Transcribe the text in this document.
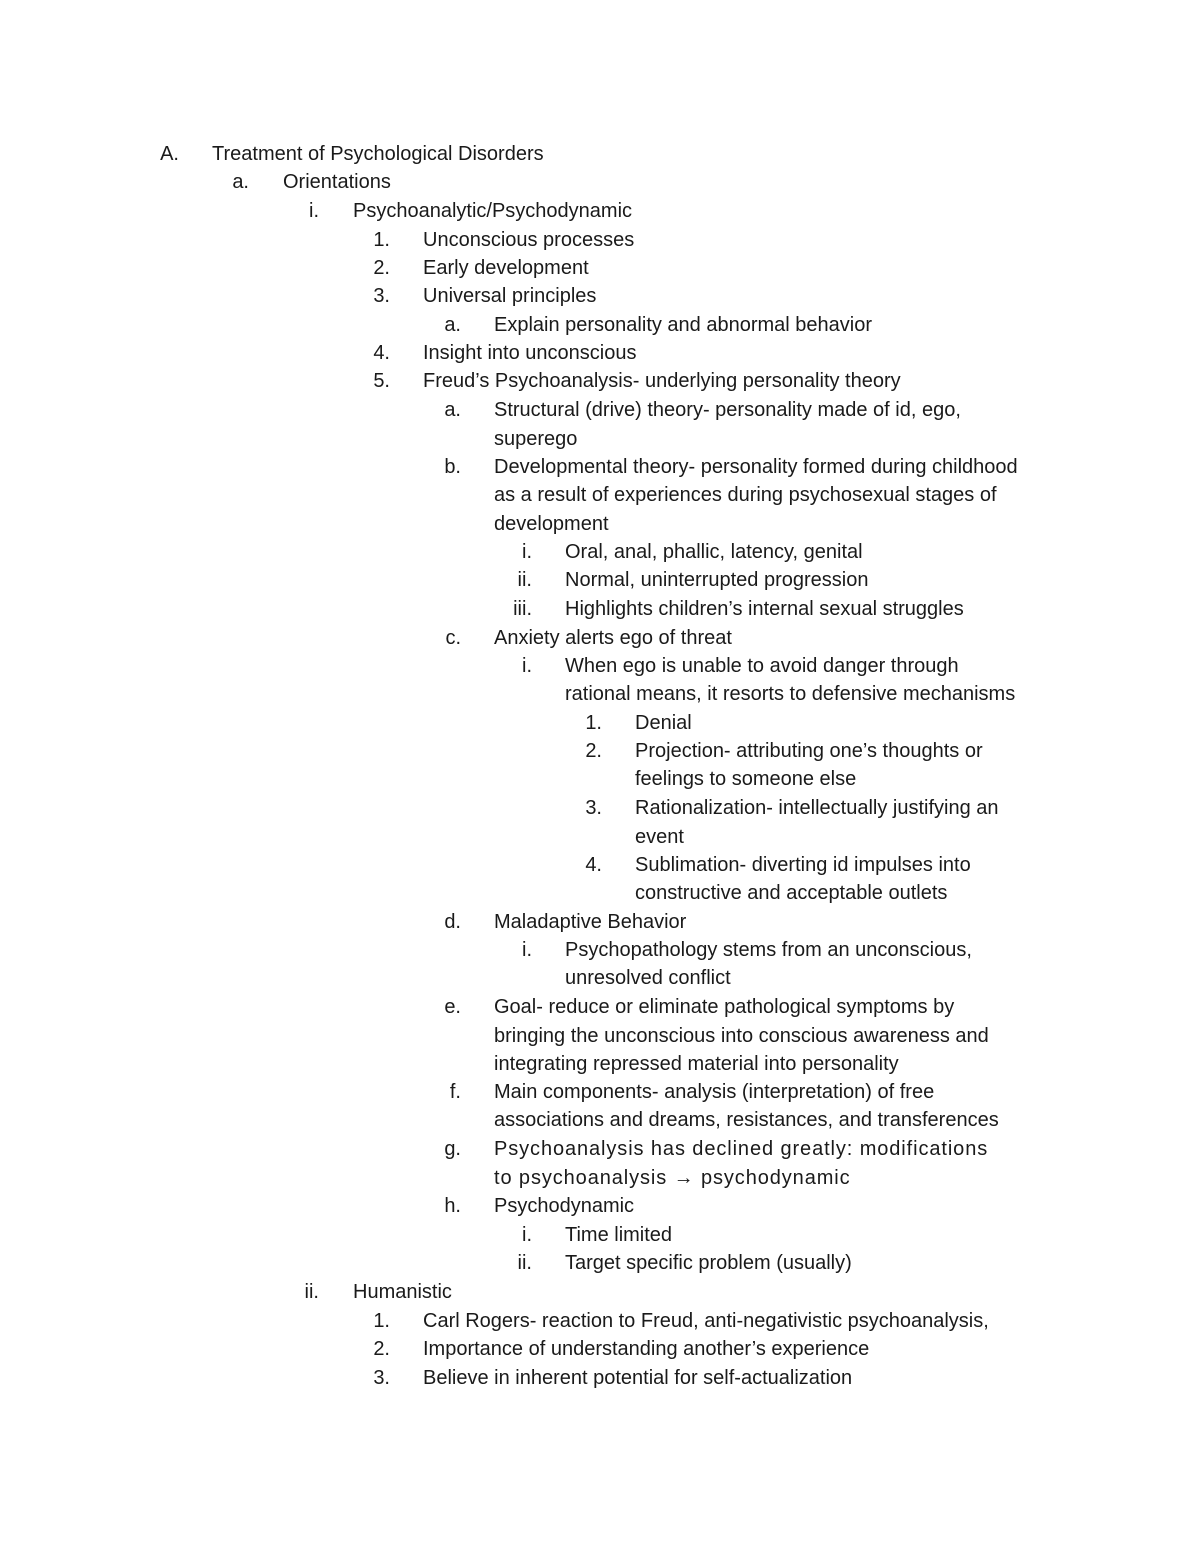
A. Treatment of Psychological Disorders
a. Orientations
i. Psychoanalytic/Psychodynamic
1. Unconscious processes
2. Early development
3. Universal principles
a. Explain personality and abnormal behavior
4. Insight into unconscious
5. Freud’s Psychoanalysis- underlying personality theory
a. Structural (drive) theory- personality made of id, ego,
superego
b. Developmental theory- personality formed during childhood
as a result of experiences during psychosexual stages of
development
i. Oral, anal, phallic, latency, genital
ii. Normal, uninterrupted progression
iii. Highlights children’s internal sexual struggles
c. Anxiety alerts ego of threat
i. When ego is unable to avoid danger through
rational means, it resorts to defensive mechanisms
1. Denial
2. Projection- attributing one’s thoughts or
feelings to someone else
3. Rationalization- intellectually justifying an
event
4. Sublimation- diverting id impulses into
constructive and acceptable outlets
d. Maladaptive Behavior
i. Psychopathology stems from an unconscious,
unresolved conflict
e. Goal- reduce or eliminate pathological symptoms by
bringing the unconscious into conscious awareness and
integrating repressed material into personality
f. Main components- analysis (interpretation) of free
associations and dreams, resistances, and transferences
g. Psychoanalysis has declined greatly: modifications
to psychoanalysis → psychodynamic
h. Psychodynamic
i. Time limited
ii. Target specific problem (usually)
ii. Humanistic
1. Carl Rogers- reaction to Freud, anti-negativistic psychoanalysis,
2. Importance of understanding another’s experience
3. Believe in inherent potential for self-actualization
